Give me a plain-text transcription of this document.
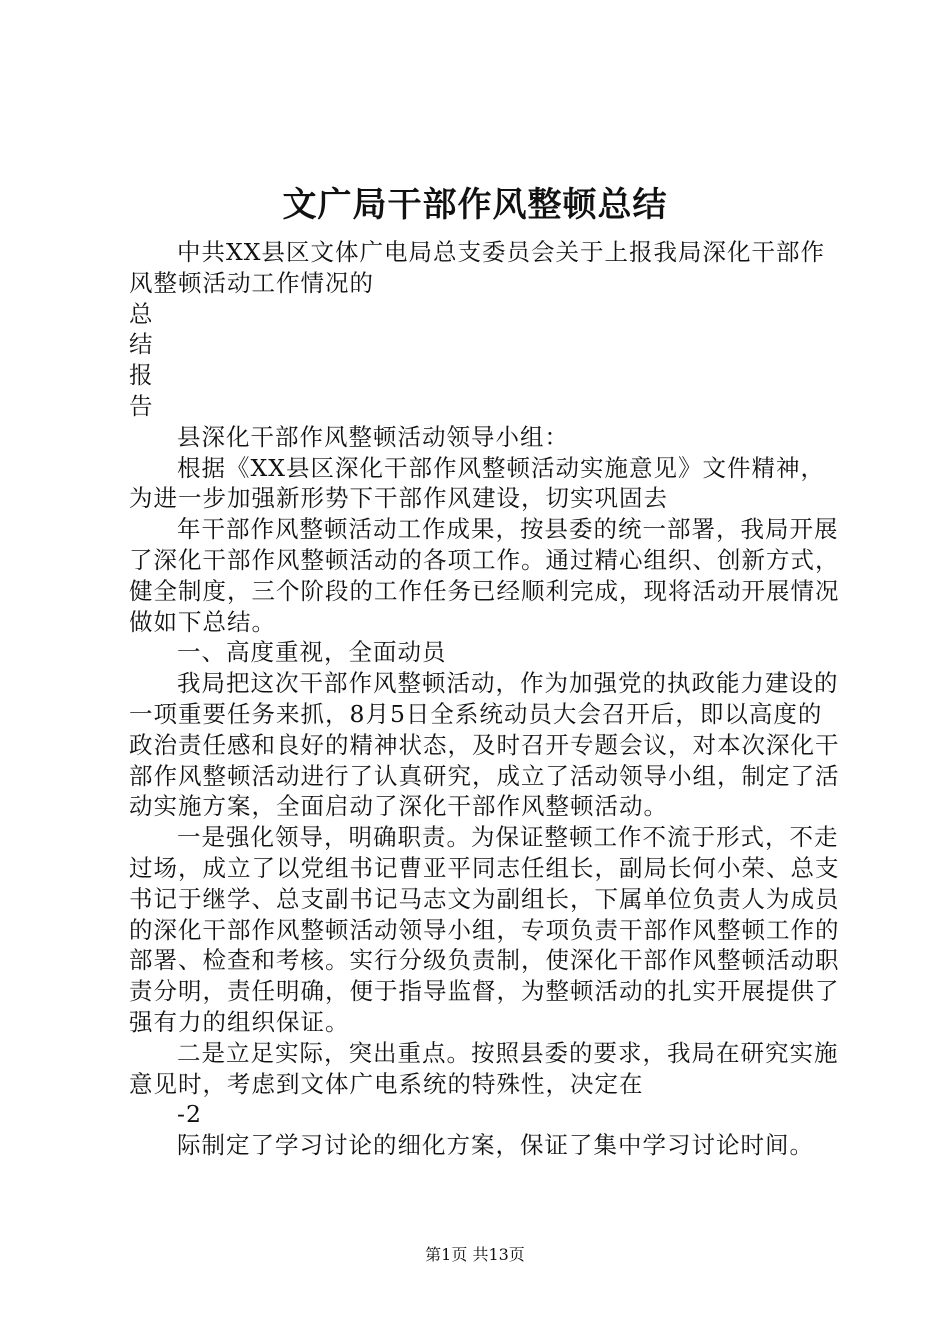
文广局干部作风整顿总结

中共XX县区文体广电局总支委员会关于上报我局深化干部作风整顿活动工作情况的

总

结

报

告

县深化干部作风整顿活动领导小组：

根据《XX县区深化干部作风整顿活动实施意见》文件精神，为进一步加强新形势下干部作风建设，切实巩固去

年干部作风整顿活动工作成果，按县委的统一部署，我局开展了深化干部作风整顿活动的各项工作。通过精心组织、创新方式，健全制度，三个阶段的工作任务已经顺利完成，现将活动开展情况做如下总结。

一、高度重视，全面动员

我局把这次干部作风整顿活动，作为加强党的执政能力建设的一项重要任务来抓，8月5日全系统动员大会召开后，即以高度的政治责任感和良好的精神状态，及时召开专题会议，对本次深化干部作风整顿活动进行了认真研究，成立了活动领导小组，制定了活动实施方案，全面启动了深化干部作风整顿活动。

一是强化领导，明确职责。为保证整顿工作不流于形式，不走过场，成立了以党组书记曹亚平同志任组长，副局长何小荣、总支书记于继学、总支副书记马志文为副组长，下属单位负责人为成员的深化干部作风整顿活动领导小组，专项负责干部作风整顿工作的部署、检查和考核。实行分级负责制，使深化干部作风整顿活动职责分明，责任明确，便于指导监督，为整顿活动的扎实开展提供了强有力的组织保证。

二是立足实际，突出重点。按照县委的要求，我局在研究实施意见时，考虑到文体广电系统的特殊性，决定在

-2

际制定了学习讨论的细化方案，保证了集中学习讨论时间。

第1页 共13页
